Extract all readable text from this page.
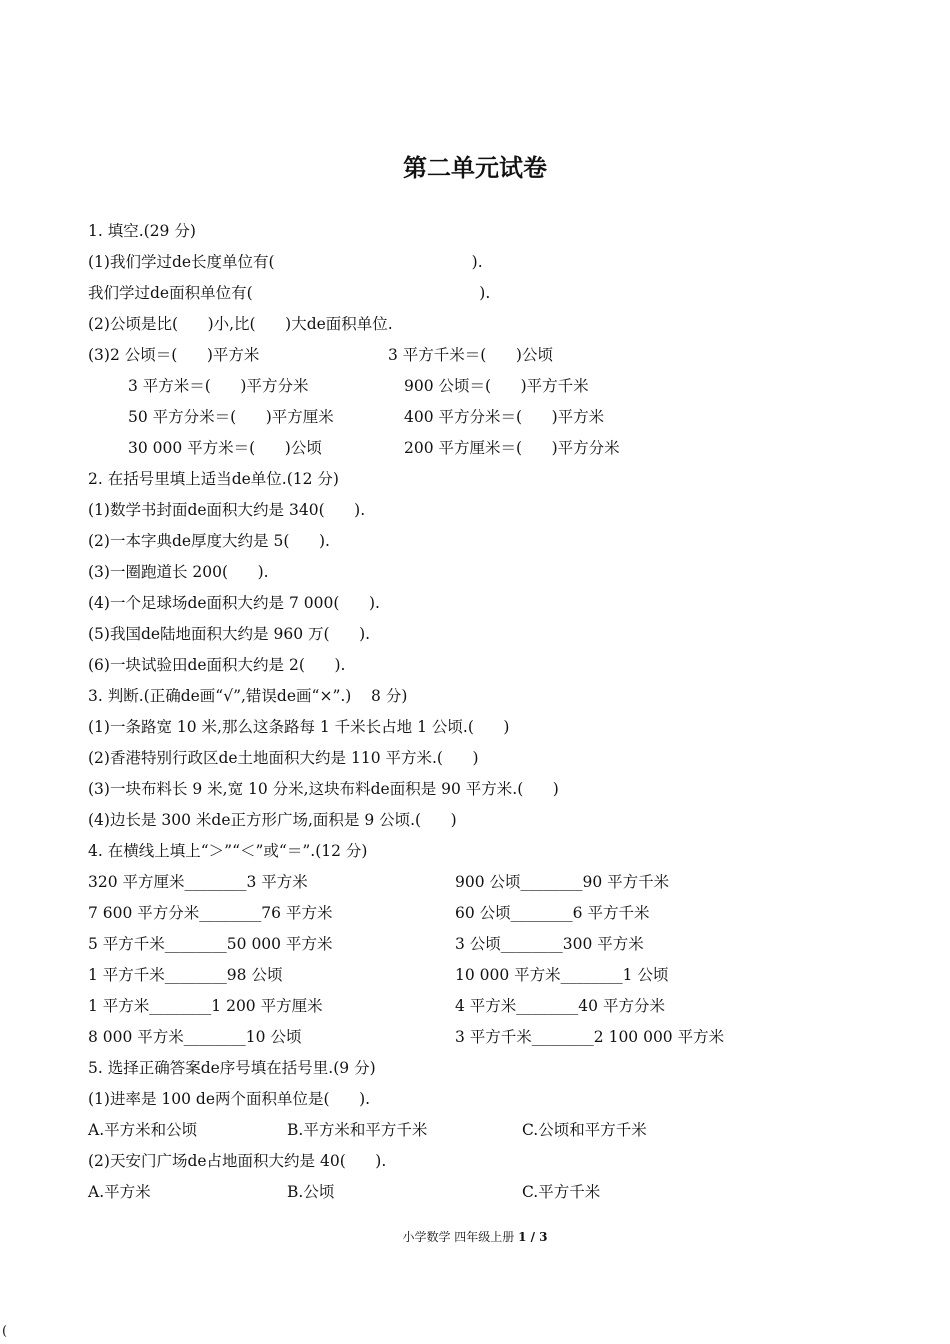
第二单元试卷
1. 填空.(29 分)
(1)我们学过de长度单位有(                                        ).
我们学过de面积单位有(                                              ).
(2)公顷是比(      )小,比(      )大de面积单位.
(3)2 公顷＝(      )平方米	3 平方千米＝(      )公顷
3 平方米＝(      )平方分米	900 公顷＝(      )平方千米
50 平方分米＝(      )平方厘米	400 平方分米＝(      )平方米
30 000 平方米＝(      )公顷	200 平方厘米＝(      )平方分米
2. 在括号里填上适当de单位.(12 分)
(1)数学书封面de面积大约是 340(      ).
(2)一本字典de厚度大约是 5(      ).
(3)一圈跑道长 200(      ).
(4)一个足球场de面积大约是 7 000(      ).
(5)我国de陆地面积大约是 960 万(      ).
(6)一块试验田de面积大约是 2(      ).
3. 判断.(正确de画“√”,错误de画“×”.)    8 分)
(1)一条路宽 10 米,那么这条路每 1 千米长占地 1 公顷.(      )
(2)香港特别行政区de土地面积大约是 110 平方米.(      )
(3)一块布料长 9 米,宽 10 分米,这块布料de面积是 90 平方米.(      )
(4)边长是 300 米de正方形广场,面积是 9 公顷.(      )
4. 在横线上填上“＞”“＜”或“＝”.(12 分)
320 平方厘米________3 平方米	900 公顷________90 平方千米
7 600 平方分米________76 平方米	60 公顷________6 平方千米
5 平方千米________50 000 平方米	3 公顷________300 平方米
1 平方千米________98 公顷	10 000 平方米________1 公顷
1 平方米________1 200 平方厘米	4 平方米________40 平方分米
8 000 平方米________10 公顷	3 平方千米________2 100 000 平方米
5. 选择正确答案de序号填在括号里.(9 分)
(1)进率是 100 de两个面积单位是(      ).
A.平方米和公顷	B.平方米和平方千米	C.公顷和平方千米
(2)天安门广场de占地面积大约是 40(      ).
A.平方米	B.公顷	C.平方千米
小学数学 四年级上册 1 / 3
(
